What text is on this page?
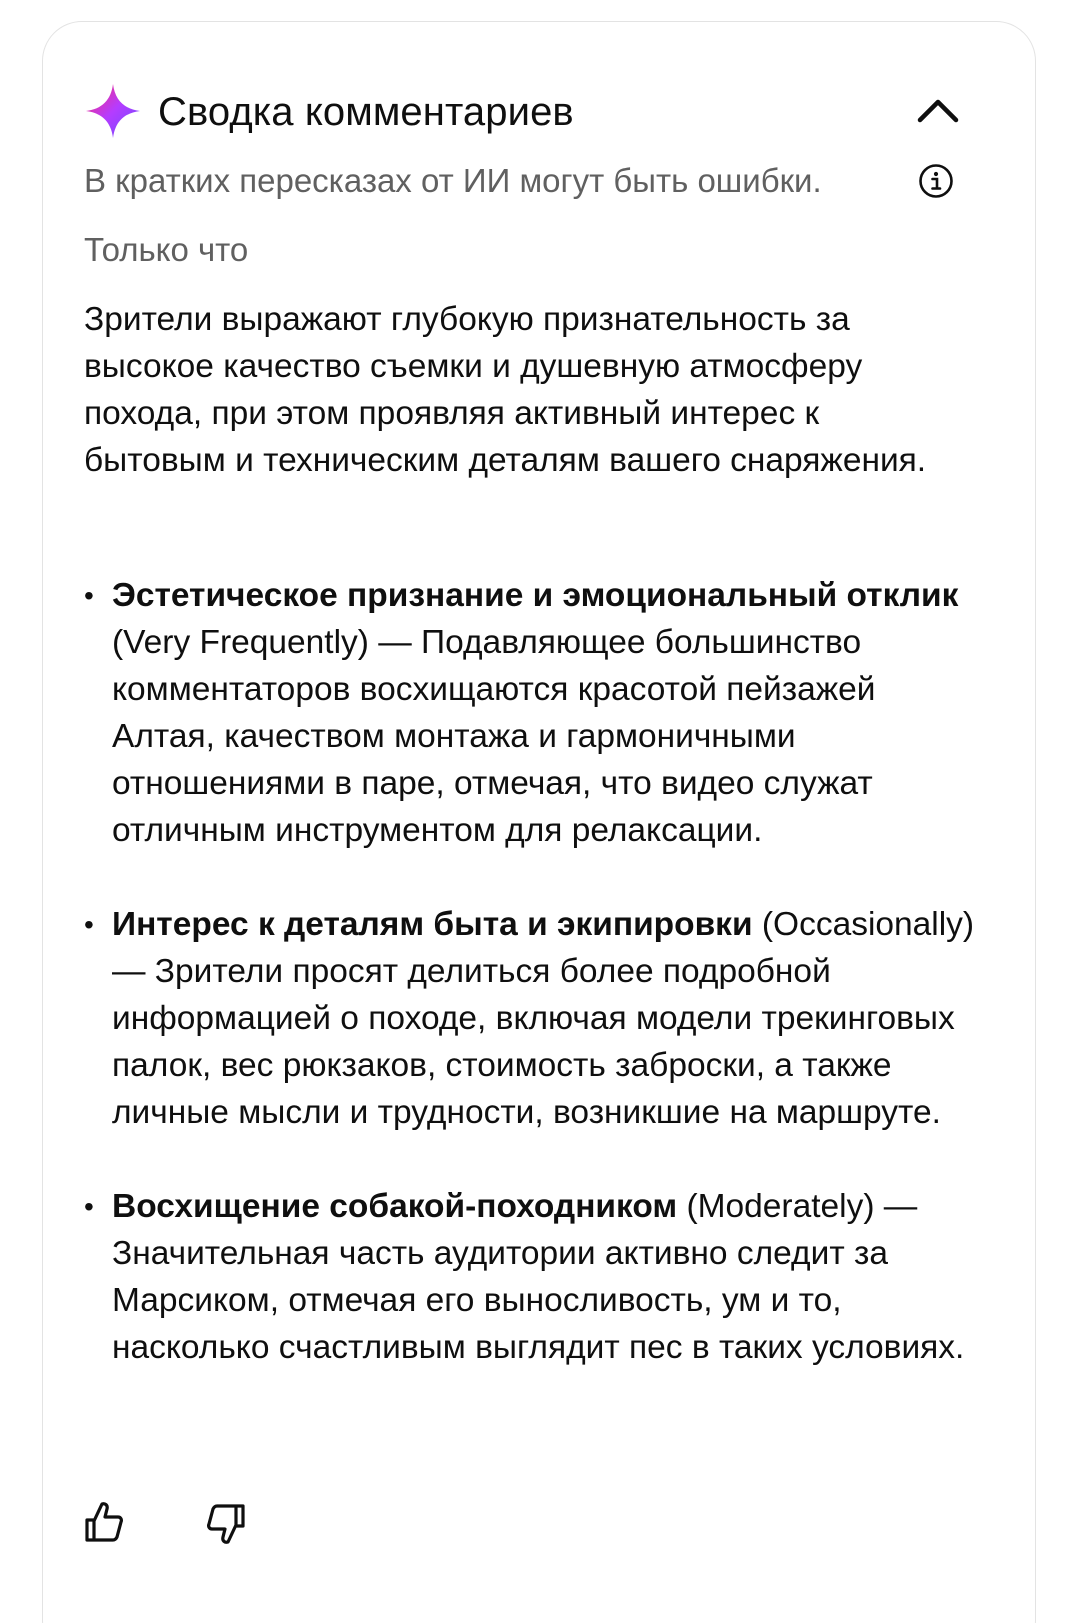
Сводка комментариев
В кратких пересказах от ИИ могут быть ошибки.
Только что

Зрители выражают глубокую признательность за высокое качество съемки и душевную атмосферу похода, при этом проявляя активный интерес к бытовым и техническим деталям вашего снаряжения.

• Эстетическое признание и эмоциональный отклик (Very Frequently) — Подавляющее большинство комментаторов восхищаются красотой пейзажей Алтая, качеством монтажа и гармоничными отношениями в паре, отмечая, что видео служат отличным инструментом для релаксации.
• Интерес к деталям быта и экипировки (Occasionally) — Зрители просят делиться более подробной информацией о походе, включая модели трекинговых палок, вес рюкзаков, стоимость заброски, а также личные мысли и трудности, возникшие на маршруте.
• Восхищение собакой-походником (Moderately) — Значительная часть аудитории активно следит за Марсиком, отмечая его выносливость, ум и то, насколько счастливым выглядит пес в таких условиях.
